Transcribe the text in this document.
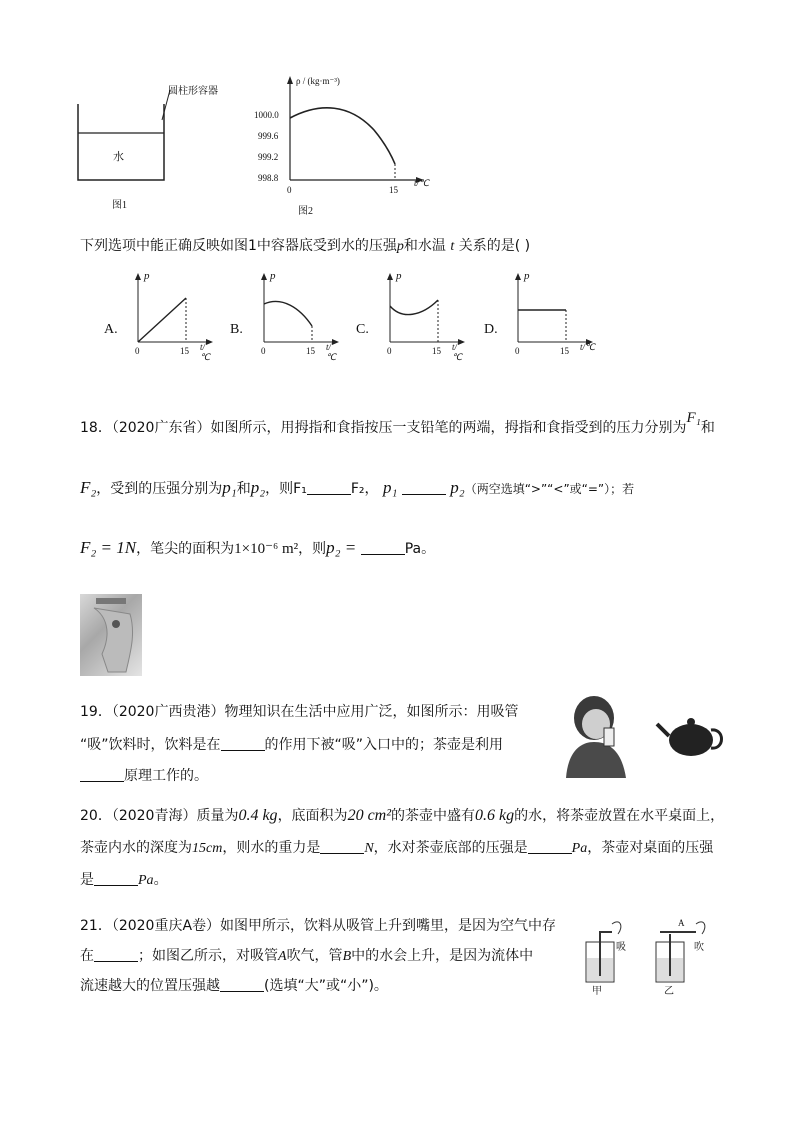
圆柱形容器
水
图1
ρ / (kg·m⁻³)
1000.0
999.6
999.2
998.8
0	15
t/℃
图2
下列选项中能正确反映如图1中容器底受到水的压强p和水温 t 关系的是( )
A.
p
0	15 t/℃
B.
p
0	15 t/℃
C.
p
0	15 t/℃
D.
p
0	15 t/℃
18．（2020广东省）如图所示，用拇指和食指按压一支铅笔的两端，拇指和食指受到的压力分别为F₁和
F₂，受到的压强分别为p₁和p₂，则F₁	F₂， p₁	p₂（两空选填“>”“<”或“=”）；若
F₂ = 1N，笔尖的面积为1×10⁻⁶ m²，则p₂ =	Pa。
19．（2020广西贵港）物理知识在生活中应用广泛，如图所示：用吸管
“吸”饮料时，饮料是在	的作用下被“吸”入口中的；茶壶是利用
原理工作的。
20．（2020青海）质量为0.4 kg，底面积为20 cm²的茶壶中盛有0.6 kg的水，将茶壶放置在水平桌面上，
茶壶内水的深度为15cm，则水的重力是	N，水对茶壶底部的压强是	Pa，茶壶对桌面的压强
是	Pa。
21．（2020重庆A卷）如图甲所示，饮料从吸管上升到嘴里，是因为空气中存
在	；如图乙所示，对吸管A吹气，管B中的水会上升，是因为流体中
流速越大的位置压强越	(选填“大”或“小”)。
吸
A
吹
甲	乙
